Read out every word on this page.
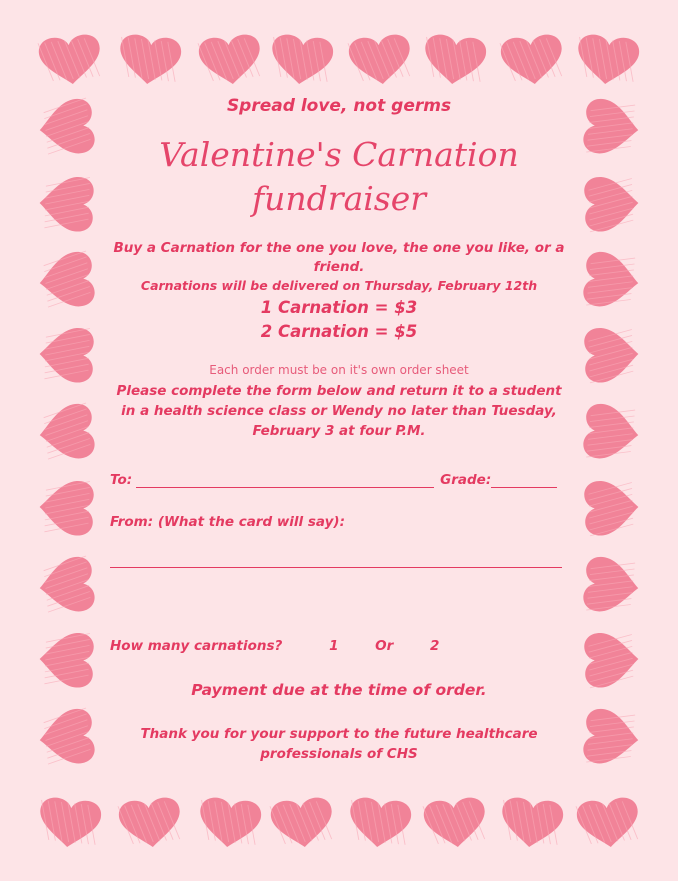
Spread love, not germs
Valentine's Carnation
fundraiser
Buy a Carnation for the one you love, the one you like, or a friend.
Carnations will be delivered on Thursday, February 12th
1 Carnation = $3
2 Carnation = $5
Each order must be on it's own order sheet
Please complete the form below and return it to a student in a health science class or Wendy no later than Tuesday, February 3 at four P.M.
To:	Grade:
From: (What the card will say):
How many carnations?	1	Or	2
Payment due at the time of order.
Thank you for your support to the future healthcare professionals of CHS
